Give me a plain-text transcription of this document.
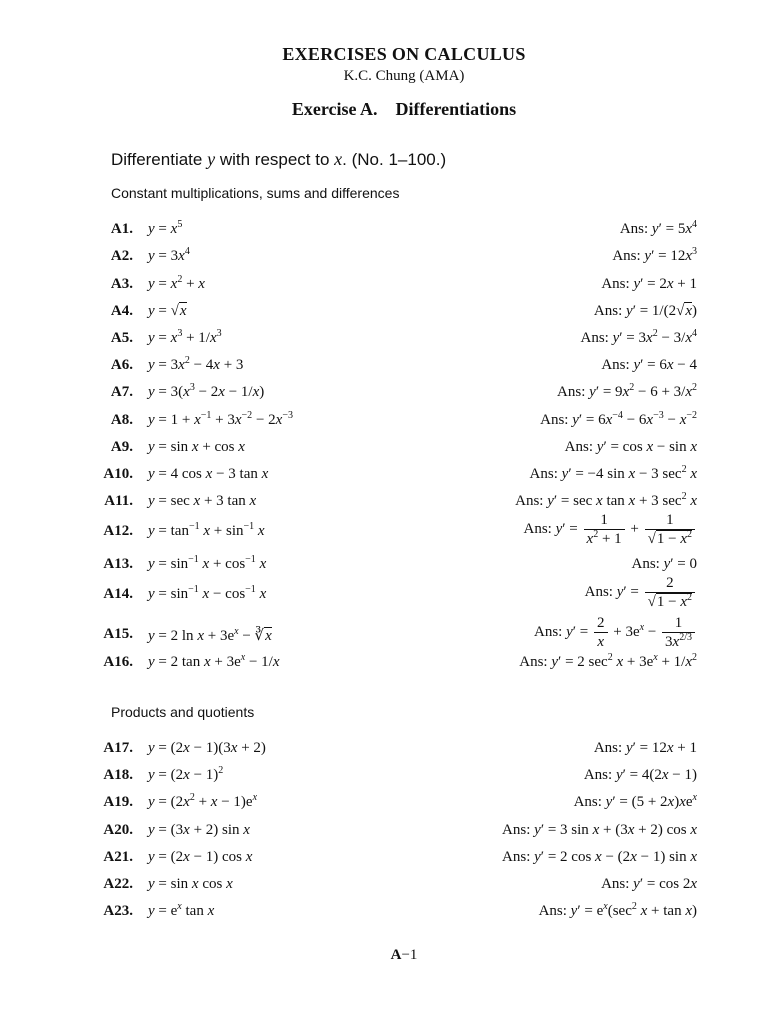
EXERCISES ON CALCULUS
K.C. Chung (AMA)
Exercise A. Differentiations
Differentiate y with respect to x. (No. 1–100.)
Constant multiplications, sums and differences
A1. $y = x^5$	Ans: $y' = 5x^4$
A2. $y = 3x^4$	Ans: $y' = 12x^3$
A3. $y = x^2 + x$	Ans: y′ = 2x + 1
A4. y = √x	Ans: y′ = 1/(2√x)
A5. $y = x^3 + 1/x^3$	Ans: $y' = 3x^2 - 3/x^4$
A6. $y = 3x^2 - 4x + 3$	Ans: y′ = 6x − 4
A7. $y = 3(x^3 - 2x - 1/x)$	Ans: $y' = 9x^2 - 6 + 3/x^2$
A8. $y = 1 + x^{-1} + 3x^{-2} - 2x^{-3}$	Ans: $y' = 6x^{-4} - 6x^{-3} - x^{-2}$
A9. y = sin x + cos x	Ans: y′ = cos x − sin x
A10. y = 4 cos x − 3 tan x	Ans: y′ = −4 sin x − 3 $\sec^2 x$
A11. y = sec x + 3 tan x	Ans: y′ = sec x tan x + 3 $\sec^2 x$
A12. $y = \tan^{-1} x + \sin^{-1} x$	Ans: $y' = \frac{1}{x^2 + 1} + \frac{1}{√1 - x^2}$
A13. $y = \sin^{-1} x + \cos^{-1} x$	Ans: y′ = 0
A14. $y = \sin^{-1} x - \cos^{-1} x$	Ans: $y' = \frac{2}{√1 - x^2}$
A15. y = 2 $\ln x + 3e^x$ − ∛x	Ans: $y' = \frac{2}{x} + 3e^x - \frac{1}{3x^{2/3}}$
A16. y = 2 $\tan x + 3e^x - 1/x$	Ans: y′ = 2 $\sec^2 x + 3e^x + 1/x^2$
Products and quotients
A17. y = (2x − 1)(3x + 2)	Ans: y′ = 12x + 1
A18. $y = (2x - 1)^2$	Ans: y′ = 4(2x − 1)
A19. $y = (2x^2 + x - 1)e^x$	Ans: $y' = (5 + 2x)xe^x$
A20. y = (3x + 2) sin x	Ans: y′ = 3 sin x + (3x + 2) cos x
A21. y = (2x − 1) cos x	Ans: y′ = 2 cos x − (2x − 1) sin x
A22. y = sin x cos x	Ans: y′ = cos 2x
A23. $y = e^x$ tan x	Ans: $y' = e^x(\sec^2$ x + tan x)
A−1
